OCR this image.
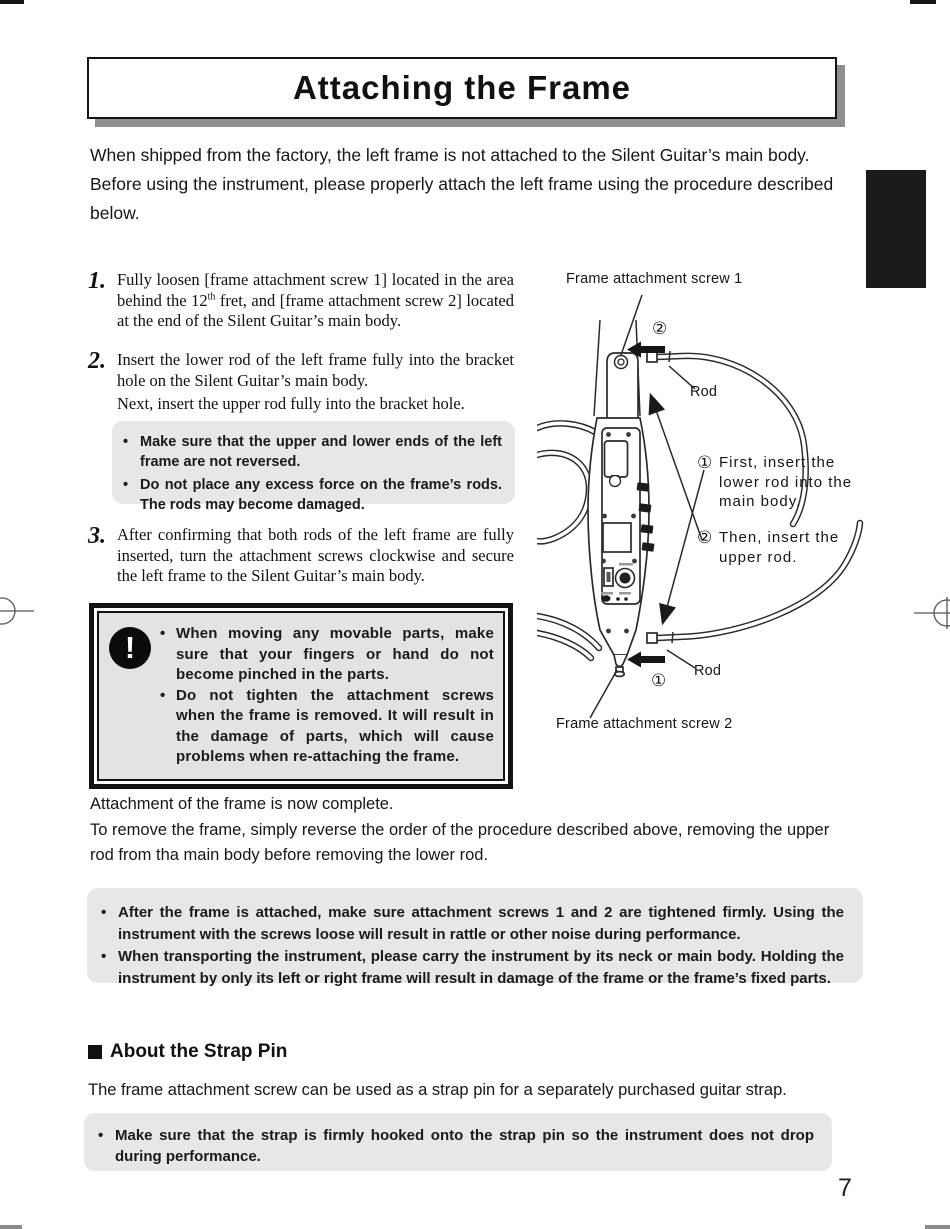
Attaching the Frame
When shipped from the factory, the left frame is not attached to the Silent Guitar’s main body.
Before using the instrument, please properly attach the left frame using the procedure described below.
1. Fully loosen [frame attachment screw 1] located in the area behind the 12th fret, and [frame attachment screw 2] located at the end of the Silent Guitar’s main body.
2. Insert the lower rod of the left frame fully into the bracket hole on the Silent Guitar’s main body.
Next, insert the upper rod fully into the bracket hole.
• Make sure that the upper and lower ends of the left frame are not reversed.
• Do not place any excess force on the frame’s rods. The rods may become damaged.
3. After confirming that both rods of the left frame are fully inserted, turn the attachment screws clockwise and secure the left frame to the Silent Guitar’s main body.
! • When moving any movable parts, make sure that your fingers or hand do not become pinched in the parts.
• Do not tighten the attachment screws when the frame is removed. It will result in the damage of parts, which will cause problems when re-attaching the frame.
Frame attachment screw 1
②
Rod
① First, insert the lower rod into the main body.
② Then, insert the upper rod.
Rod
①
Frame attachment screw 2
Attachment of the frame is now complete.
To remove the frame, simply reverse the order of the procedure described above, removing the upper rod from tha main body before removing the lower rod.
• After the frame is attached, make sure attachment screws 1 and 2 are tightened firmly. Using the instrument with the screws loose will result in rattle or other noise during performance.
• When transporting the instrument, please carry the instrument by its neck or main body. Holding the instrument by only its left or right frame will result in damage of the frame or the frame’s fixed parts.
About the Strap Pin
The frame attachment screw can be used as a strap pin for a separately purchased guitar strap.
• Make sure that the strap is firmly hooked onto the strap pin so the instrument does not drop during performance.
7
